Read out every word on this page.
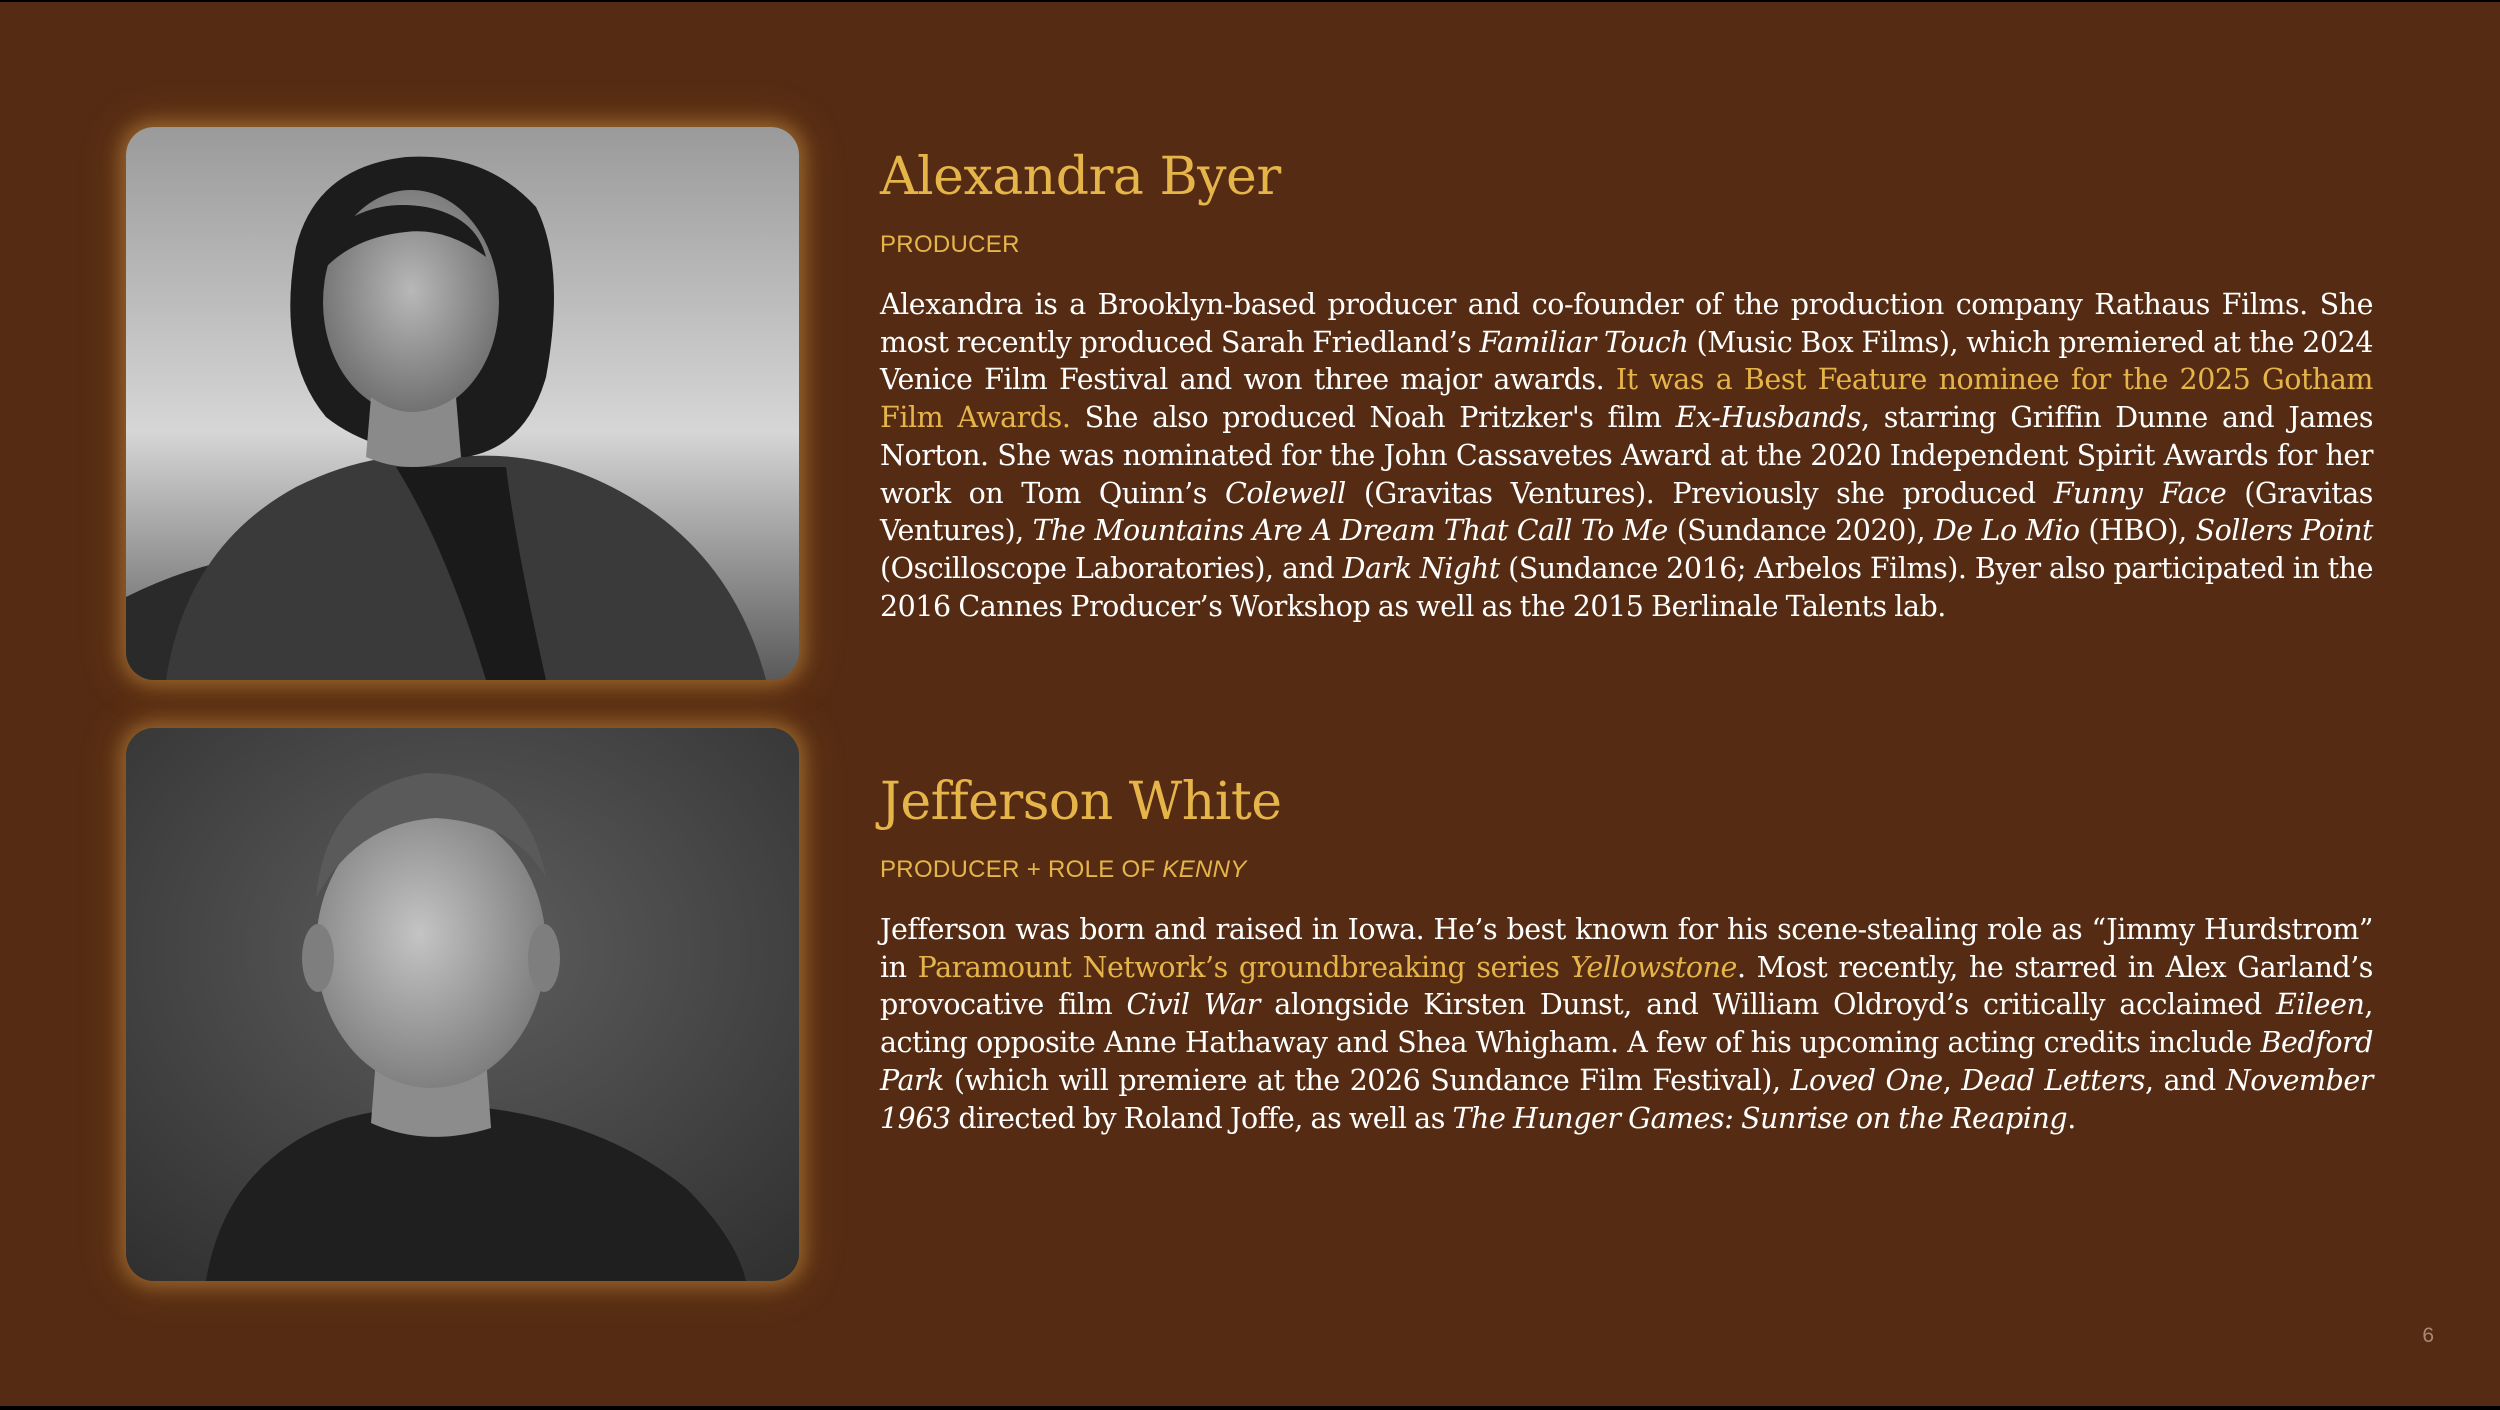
Alexandra Byer
PRODUCER

Alexandra is a Brooklyn-based producer and co-founder of the production company Rathaus Films. She most recently produced Sarah Friedland’s Familiar Touch (Music Box Films), which premiered at the 2024 Venice Film Festival and won three major awards. It was a Best Feature nominee for the 2025 Gotham Film Awards. She also produced Noah Pritzker's film Ex-Husbands, starring Griffin Dunne and James Norton. She was nominated for the John Cassavetes Award at the 2020 Independent Spirit Awards for her work on Tom Quinn’s Colewell (Gravitas Ventures). Previously she produced Funny Face (Gravitas Ventures), The Mountains Are A Dream That Call To Me (Sundance 2020), De Lo Mio (HBO), Sollers Point (Oscilloscope Laboratories), and Dark Night (Sundance 2016; Arbelos Films). Byer also participated in the 2016 Cannes Producer’s Workshop as well as the 2015 Berlinale Talents lab.

Jefferson White
PRODUCER + ROLE OF KENNY

Jefferson was born and raised in Iowa. He’s best known for his scene-stealing role as “Jimmy Hurdstrom” in Paramount Network’s groundbreaking series Yellowstone. Most recently, he starred in Alex Garland’s provocative film Civil War alongside Kirsten Dunst, and William Oldroyd’s critically acclaimed Eileen, acting opposite Anne Hathaway and Shea Whigham. A few of his upcoming acting credits include Bedford Park (which will premiere at the 2026 Sundance Film Festival), Loved One, Dead Letters, and November 1963 directed by Roland Joffe, as well as The Hunger Games: Sunrise on the Reaping.

6
